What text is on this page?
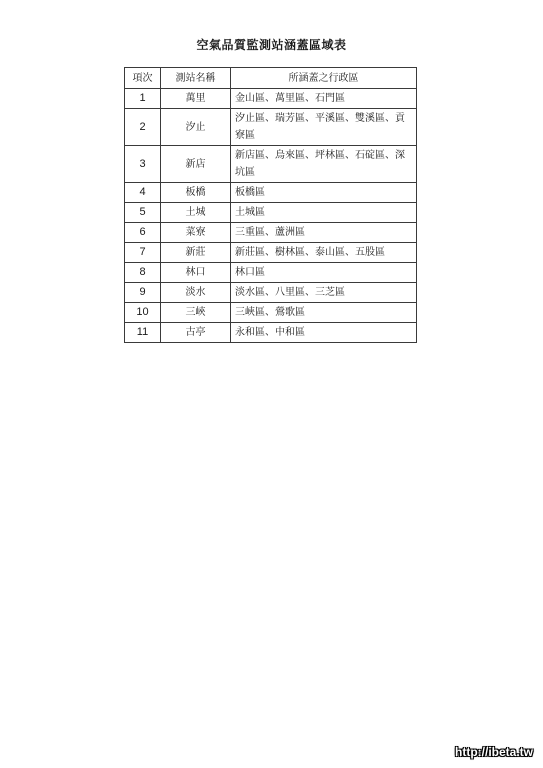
空氣品質監測站涵蓋區域表
項次	測站名稱	所涵蓋之行政區
1	萬里	金山區、萬里區、石門區
2	汐止	汐止區、瑞芳區、平溪區、雙溪區、貢寮區
3	新店	新店區、烏來區、坪林區、石碇區、深坑區
4	板橋	板橋區
5	土城	土城區
6	菜寮	三重區、蘆洲區
7	新莊	新莊區、樹林區、泰山區、五股區
8	林口	林口區
9	淡水	淡水區、八里區、三芝區
10	三峽	三峽區、鶯歌區
11	古亭	永和區、中和區
http://ibeta.tw
